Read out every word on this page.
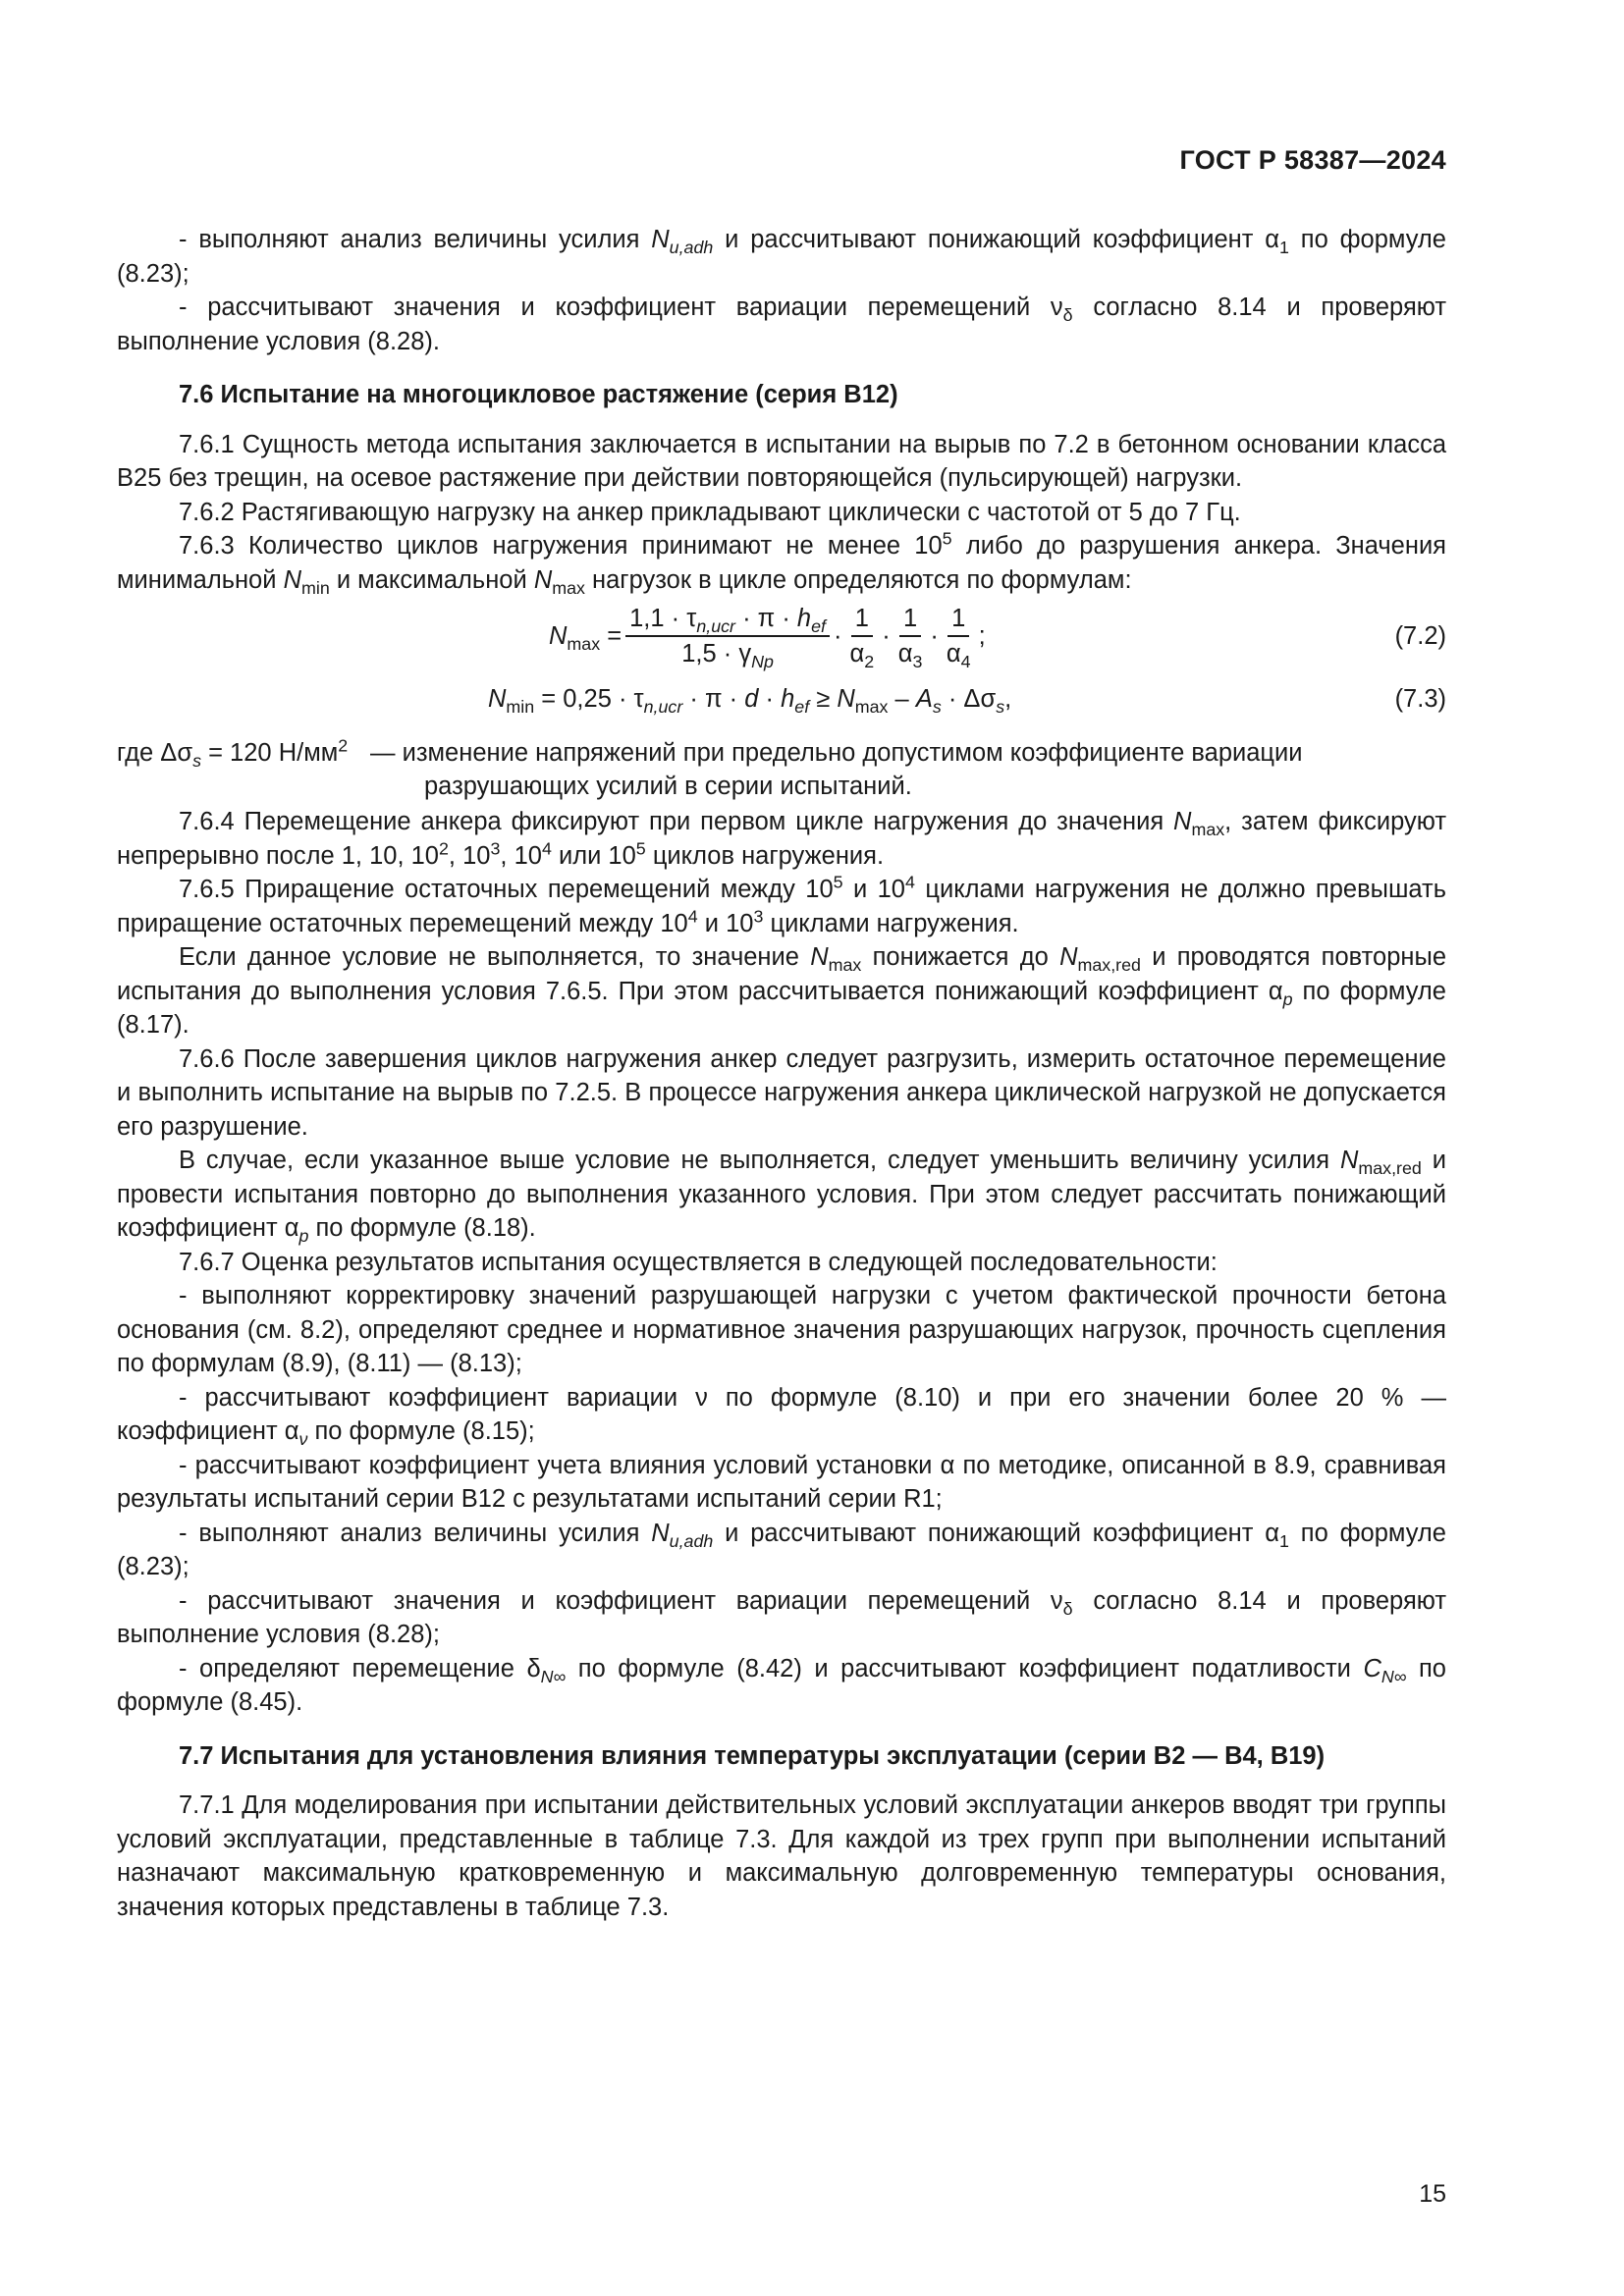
ГОСТ Р 58387—2024

- выполняют анализ величины усилия $N_{u,adh}$ и рассчитывают понижающий коэффициент $\alpha_1$ по формуле (8.23);

- рассчитывают значения и коэффициент вариации перемещений $\nu_\delta$ согласно 8.14 и проверяют выполнение условия (8.28).

7.6 Испытание на многоцикловое растяжение (серия В12)

7.6.1 Сущность метода испытания заключается в испытании на вырыв по 7.2 в бетонном основании класса В25 без трещин, на осевое растяжение при действии повторяющейся (пульсирующей) нагрузки.

7.6.2 Растягивающую нагрузку на анкер прикладывают циклически с частотой от 5 до 7 Гц.

7.6.3 Количество циклов нагружения принимают не менее $10^5$ либо до разрушения анкера. Значения минимальной $N_{min}$ и максимальной $N_{max}$ нагрузок в цикле определяются по формулам:

$N_{max} = \frac{1,1 \cdot \tau_{n,ucr} \cdot \pi \cdot h_{ef}}{1,5 \cdot \gamma_{Np}} \cdot \frac{1}{\alpha_2} \cdot \frac{1}{\alpha_3} \cdot \frac{1}{\alpha_4}$ ;	(7.2)
$N_{min} = 0,25 \cdot \tau_{n,ucr} \cdot \pi \cdot d \cdot h_{ef} \ge N_{max} - A_s \cdot \Delta\sigma_s$,	(7.3)
где $\Delta\sigma_s = 120$ $Н/мм^2$ — изменение напряжений при предельно допустимом коэффициенте вариации
разрушающих усилий в серии испытаний.

7.6.4 Перемещение анкера фиксируют при первом цикле нагружения до значения $N_{max}$, затем фиксируют непрерывно после 1, 10, $10^2$, $10^3$, $10^4$ или $10^5$ циклов нагружения.

7.6.5 Приращение остаточных перемещений между $10^5$ и $10^4$ циклами нагружения не должно превышать приращение остаточных перемещений между $10^4$ и $10^3$ циклами нагружения.

Если данное условие не выполняется, то значение $N_{max}$ понижается до $N_{max,red}$ и проводятся повторные испытания до выполнения условия 7.6.5. При этом рассчитывается понижающий коэффициент $\alpha_p$ по формуле (8.17).

7.6.6 После завершения циклов нагружения анкер следует разгрузить, измерить остаточное перемещение и выполнить испытание на вырыв по 7.2.5. В процессе нагружения анкера циклической нагрузкой не допускается его разрушение.

В случае, если указанное выше условие не выполняется, следует уменьшить величину усилия $N_{max,red}$ и провести испытания повторно до выполнения указанного условия. При этом следует рассчитать понижающий коэффициент $\alpha_p$ по формуле (8.18).

7.6.7 Оценка результатов испытания осуществляется в следующей последовательности:

- выполняют корректировку значений разрушающей нагрузки с учетом фактической прочности бетона основания (см. 8.2), определяют среднее и нормативное значения разрушающих нагрузок, прочность сцепления по формулам (8.9), (8.11) — (8.13);

- рассчитывают коэффициент вариации ν по формуле (8.10) и при его значении более 20 % — коэффициент $\alpha_\nu$ по формуле (8.15);

- рассчитывают коэффициент учета влияния условий установки α по методике, описанной в 8.9, сравнивая результаты испытаний серии В12 с результатами испытаний серии R1;

- выполняют анализ величины усилия $N_{u,adh}$ и рассчитывают понижающий коэффициент $\alpha_1$ по формуле (8.23);

- рассчитывают значения и коэффициент вариации перемещений $\nu_\delta$ согласно 8.14 и проверяют выполнение условия (8.28);

- определяют перемещение $\delta_{N\infty}$ по формуле (8.42) и рассчитывают коэффициент податливости $C_{N\infty}$ по формуле (8.45).

7.7 Испытания для установления влияния температуры эксплуатации (серии В2 — В4, В19)

7.7.1 Для моделирования при испытании действительных условий эксплуатации анкеров вводят три группы условий эксплуатации, представленные в таблице 7.3. Для каждой из трех групп при выполнении испытаний назначают максимальную кратковременную и максимальную долговременную температуры основания, значения которых представлены в таблице 7.3.

15
